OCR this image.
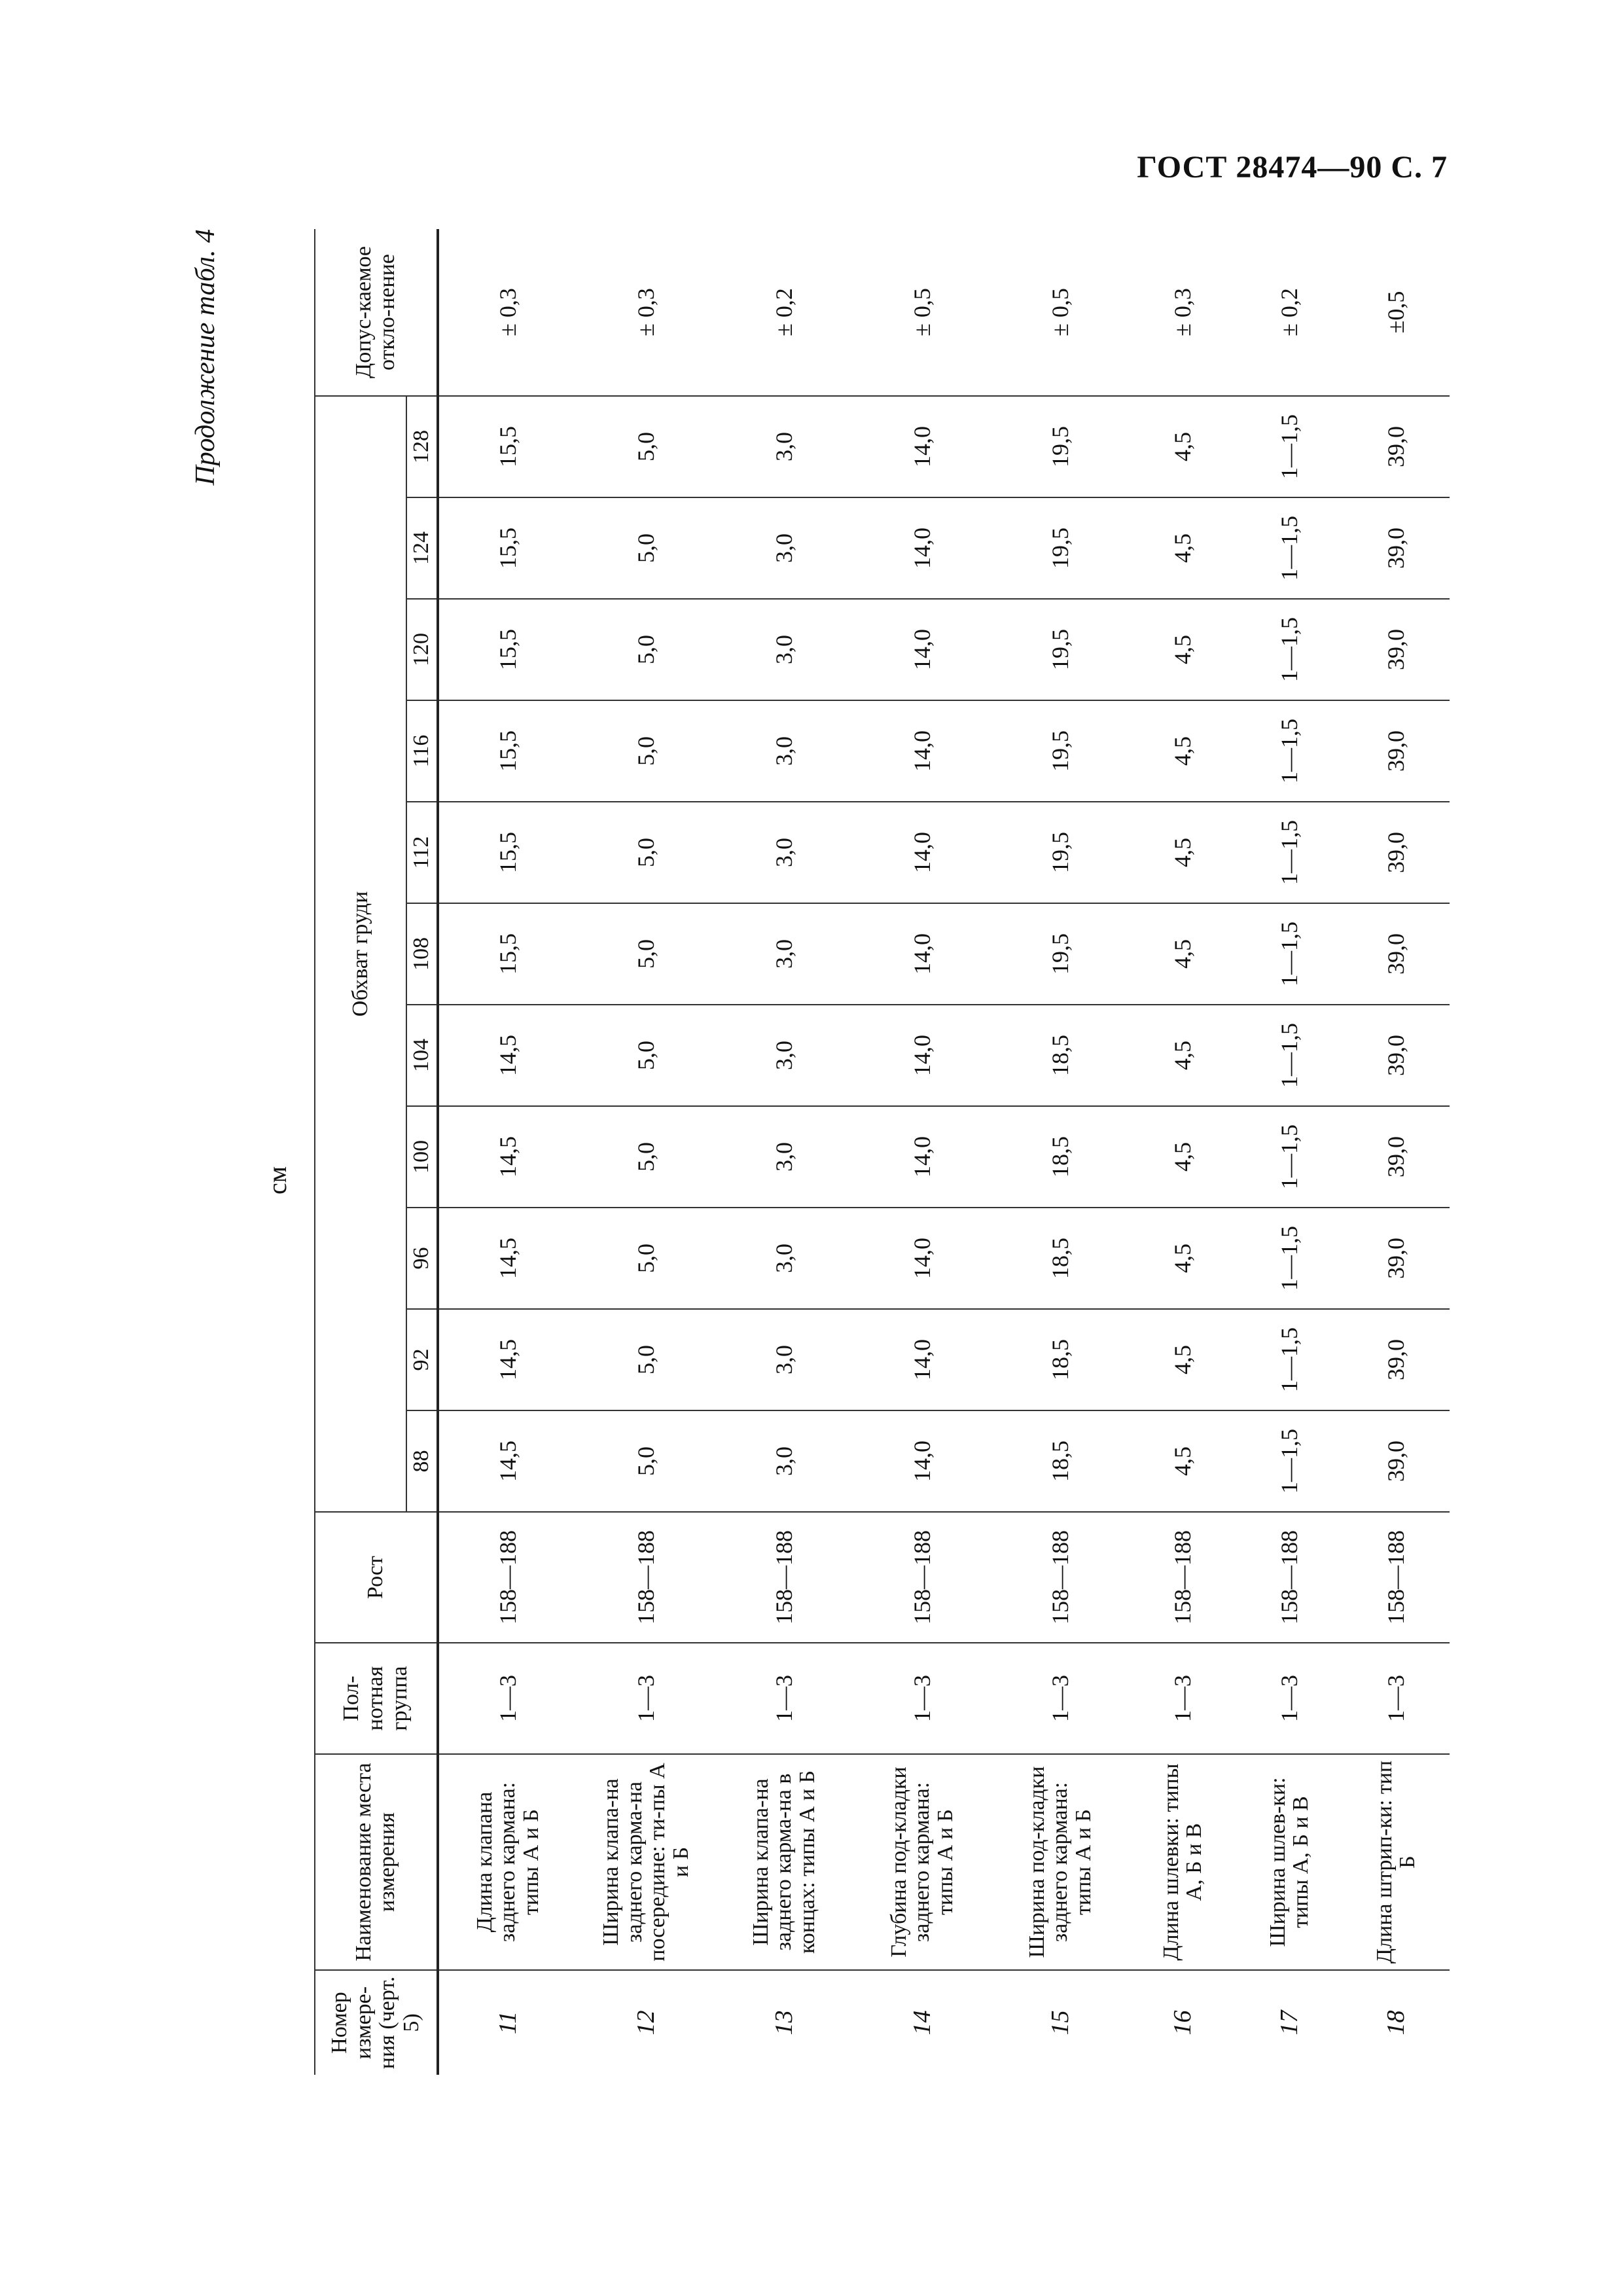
ГОСТ 28474—90 С. 7
Продолжение табл. 4
см
Номер измере-ния (черт. 5)	Наименование места измерения	Пол-нотная группа	Рост	Обхват груди											Допус-каемое откло-нение
				88	92	96	100	104	108	112	116	120	124	128	
11	Длина клапана заднего кармана: типы А и Б	1—3	158—188	14,5	14,5	14,5	14,5	14,5	15,5	15,5	15,5	15,5	15,5	15,5	± 0,3
12	Ширина клапа-на заднего карма-на посередине: ти-пы А и Б	1—3	158—188	5,0	5,0	5,0	5,0	5,0	5,0	5,0	5,0	5,0	5,0	5,0	± 0,3
13	Ширина клапа-на заднего карма-на в концах: типы А и Б	1—3	158—188	3,0	3,0	3,0	3,0	3,0	3,0	3,0	3,0	3,0	3,0	3,0	± 0,2
14	Глубина под-кладки заднего кармана: типы А и Б	1—3	158—188	14,0	14,0	14,0	14,0	14,0	14,0	14,0	14,0	14,0	14,0	14,0	± 0,5
15	Ширина под-кладки заднего кармана: типы А и Б	1—3	158—188	18,5	18,5	18,5	18,5	18,5	19,5	19,5	19,5	19,5	19,5	19,5	± 0,5
16	Длина шлевки: типы А, Б и В	1—3	158—188	4,5	4,5	4,5	4,5	4,5	4,5	4,5	4,5	4,5	4,5	4,5	± 0,3
17	Ширина шлев-ки: типы А, Б и В	1—3	158—188	1—1,5	1—1,5	1—1,5	1—1,5	1—1,5	1—1,5	1—1,5	1—1,5	1—1,5	1—1,5	1—1,5	± 0,2
18	Длина штрип-ки: тип Б	1—3	158—188	39,0	39,0	39,0	39,0	39,0	39,0	39,0	39,0	39,0	39,0	39,0	±0,5
